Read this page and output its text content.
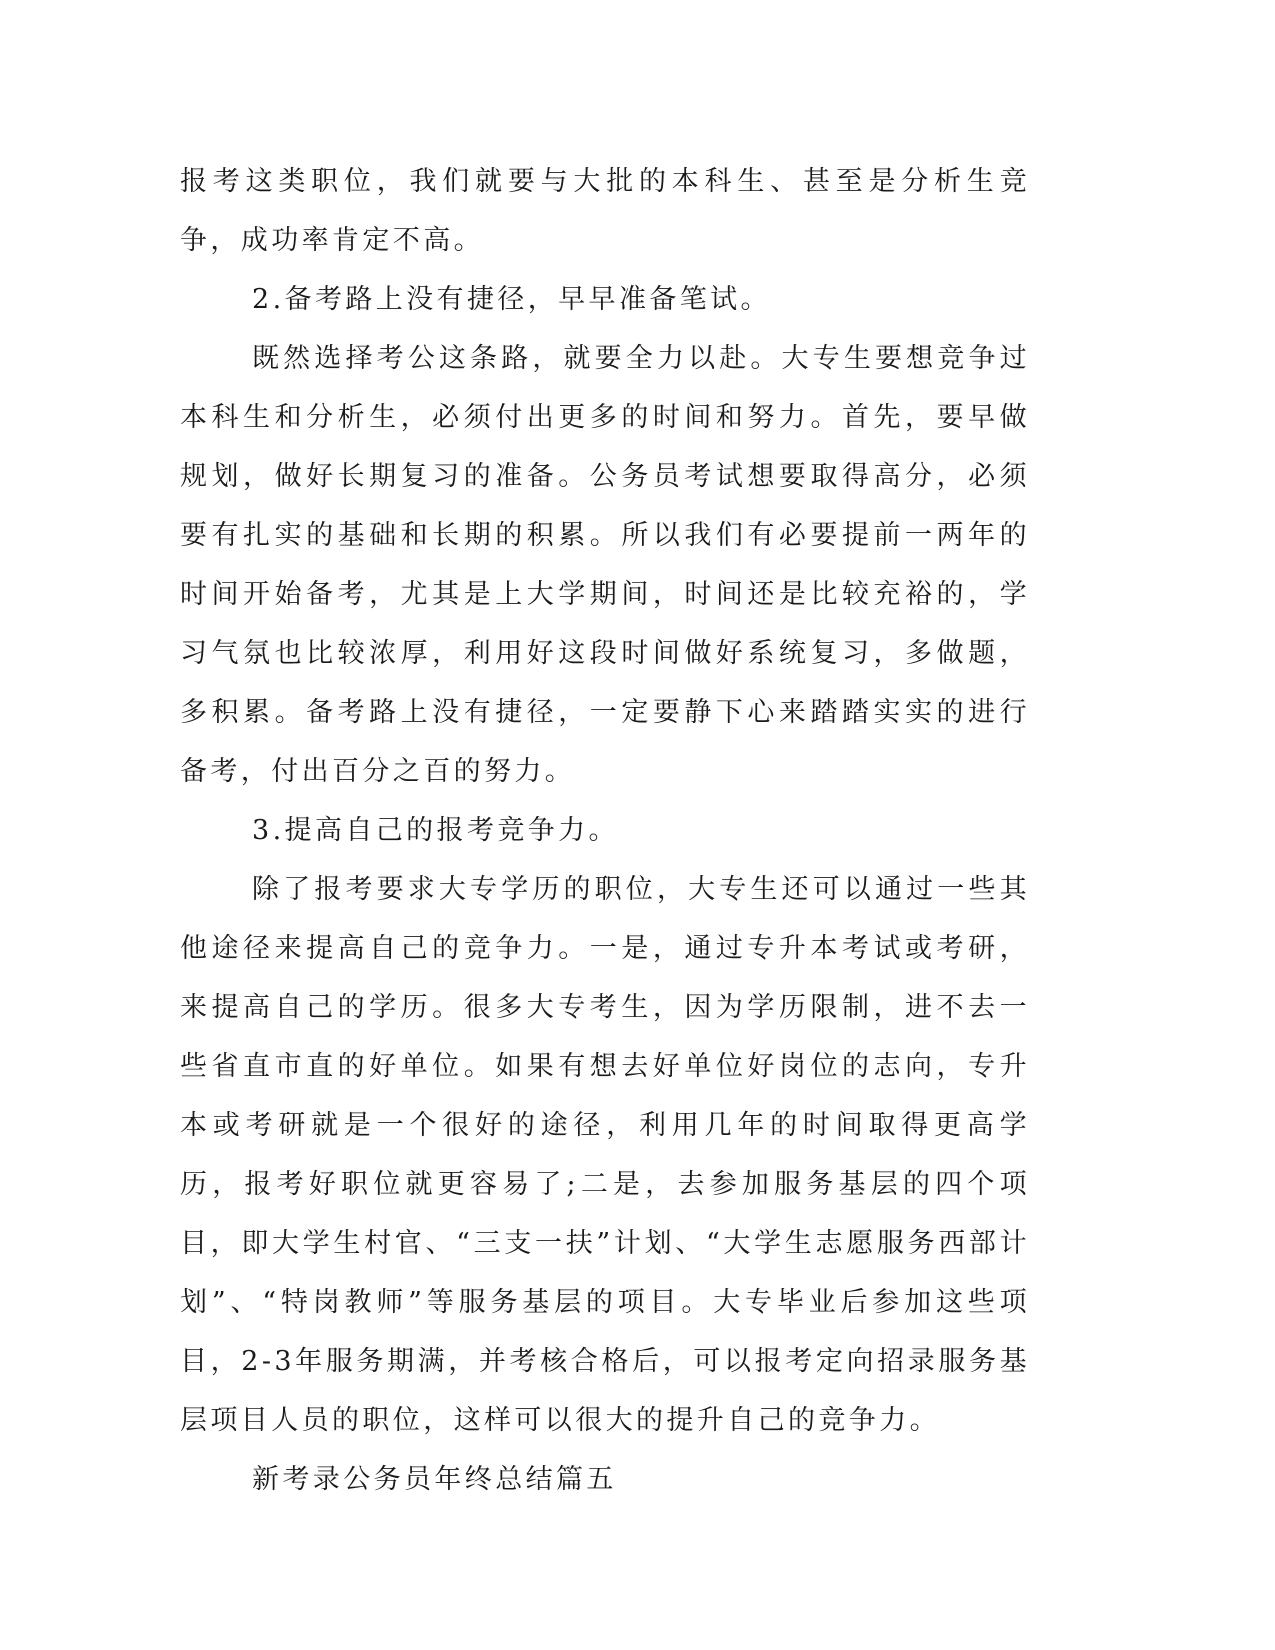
报考这类职位，我们就要与大批的本科生、甚至是分析生竞争，成功率肯定不高。

2.备考路上没有捷径，早早准备笔试。

既然选择考公这条路，就要全力以赴。大专生要想竞争过本科生和分析生，必须付出更多的时间和努力。首先，要早做规划，做好长期复习的准备。公务员考试想要取得高分，必须要有扎实的基础和长期的积累。所以我们有必要提前一两年的时间开始备考，尤其是上大学期间，时间还是比较充裕的，学习气氛也比较浓厚，利用好这段时间做好系统复习，多做题，多积累。备考路上没有捷径，一定要静下心来踏踏实实的进行备考，付出百分之百的努力。

3.提高自己的报考竞争力。

除了报考要求大专学历的职位，大专生还可以通过一些其他途径来提高自己的竞争力。一是，通过专升本考试或考研，来提高自己的学历。很多大专考生，因为学历限制，进不去一些省直市直的好单位。如果有想去好单位好岗位的志向，专升本或考研就是一个很好的途径，利用几年的时间取得更高学历，报考好职位就更容易了;二是，去参加服务基层的四个项目，即大学生村官、“三支一扶”计划、“大学生志愿服务西部计划”、“特岗教师”等服务基层的项目。大专毕业后参加这些项目，2-3年服务期满，并考核合格后，可以报考定向招录服务基层项目人员的职位，这样可以很大的提升自己的竞争力。

新考录公务员年终总结篇五
